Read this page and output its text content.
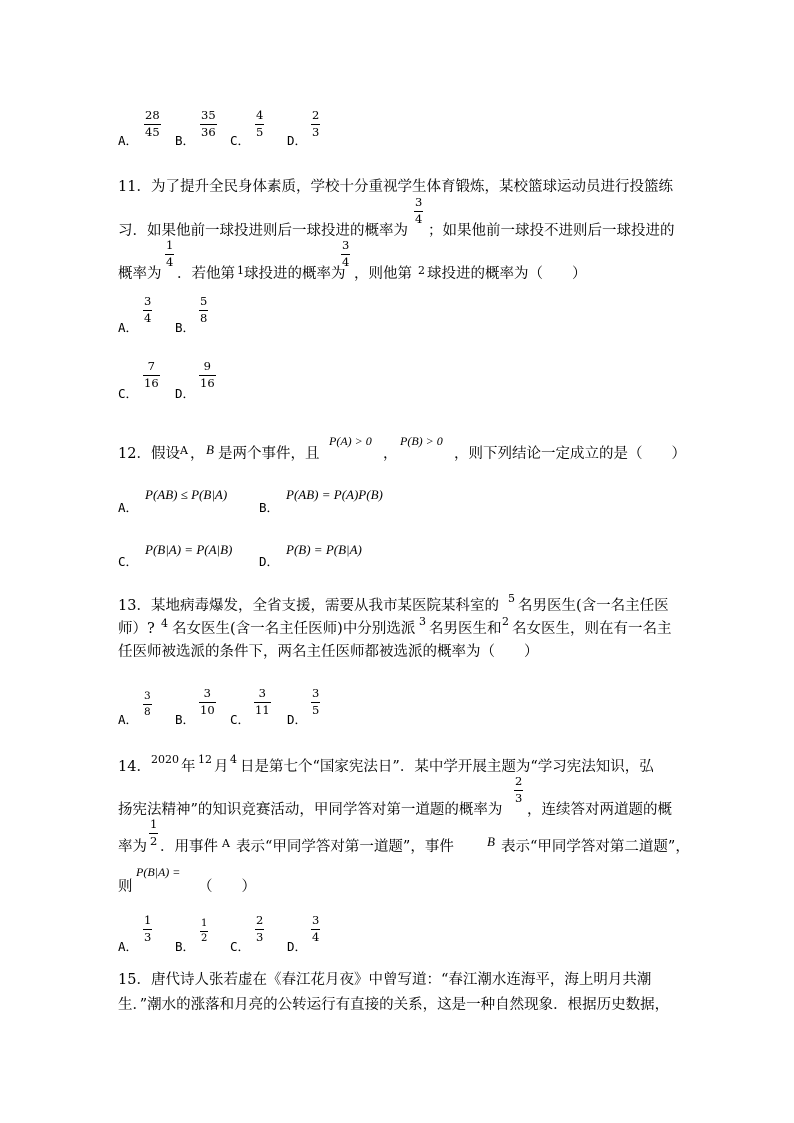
A．
$\frac{28}{45}$
B．
$\frac{35}{36}$
C．
$\frac{4}{5}$
D．
$\frac{2}{3}$
11．为了提升全民身体素质，学校十分重视学生体育锻炼，某校篮球运动员进行投篮练
习．如果他前一球投进则后一球投进的概率为
$\frac{3}{4}$
；如果他前一球投不进则后一球投进的
概率为
$\frac{1}{4}$
．若他第 1 球投进的概率为
$\frac{3}{4}$
，则他第 2 球投进的概率为（　　）
A．
$\frac{3}{4}$
B．
$\frac{5}{8}$
C．
$\frac{7}{16}$
D．
$\frac{9}{16}$
12．假设 A ， B 是两个事件，且
P(A) > 0
，
P(B) > 0
，则下列结论一定成立的是（　　）
A．
P(AB) ≤ P(B|A)
B．
P(AB) = P(A)P(B)
C．
P(B|A) = P(A|B)
D．
P(B) = P(B|A)
13．某地病毒爆发，全省支援，需要从我市某医院某科室的 5 名男医生(含一名主任医
师）? 4 名女医生(含一名主任医师)中分别选派 3 名男医生和 2 名女医生，则在有一名主
任医师被选派的条件下，两名主任医师都被选派的概率为（　　）
A．
$\frac{3}{8}$
B．
$\frac{3}{10}$
C．
$\frac{3}{11}$
D．
$\frac{3}{5}$
14． 2020 年 12 月 4 日是第七个“国家宪法日”．某中学开展主题为“学习宪法知识，弘
扬宪法精神”的知识竞赛活动，甲同学答对第一道题的概率为
$\frac{2}{3}$
，连续答对两道题的概
率为 $\frac{1}{2}$ ．用事件 A 表示“甲同学答对第一道题”，事件	B 表示“甲同学答对第二道题”，
则
P(B|A) =
（　　）
A．
$\frac{1}{3}$
B．
$\frac{1}{2}$
C．
$\frac{2}{3}$
D．
$\frac{3}{4}$
15．唐代诗人张若虚在《春江花月夜》中曾写道：“春江潮水连海平，海上明月共潮
生．”潮水的涨落和月亮的公转运行有直接的关系，这是一种自然现象．根据历史数据，
